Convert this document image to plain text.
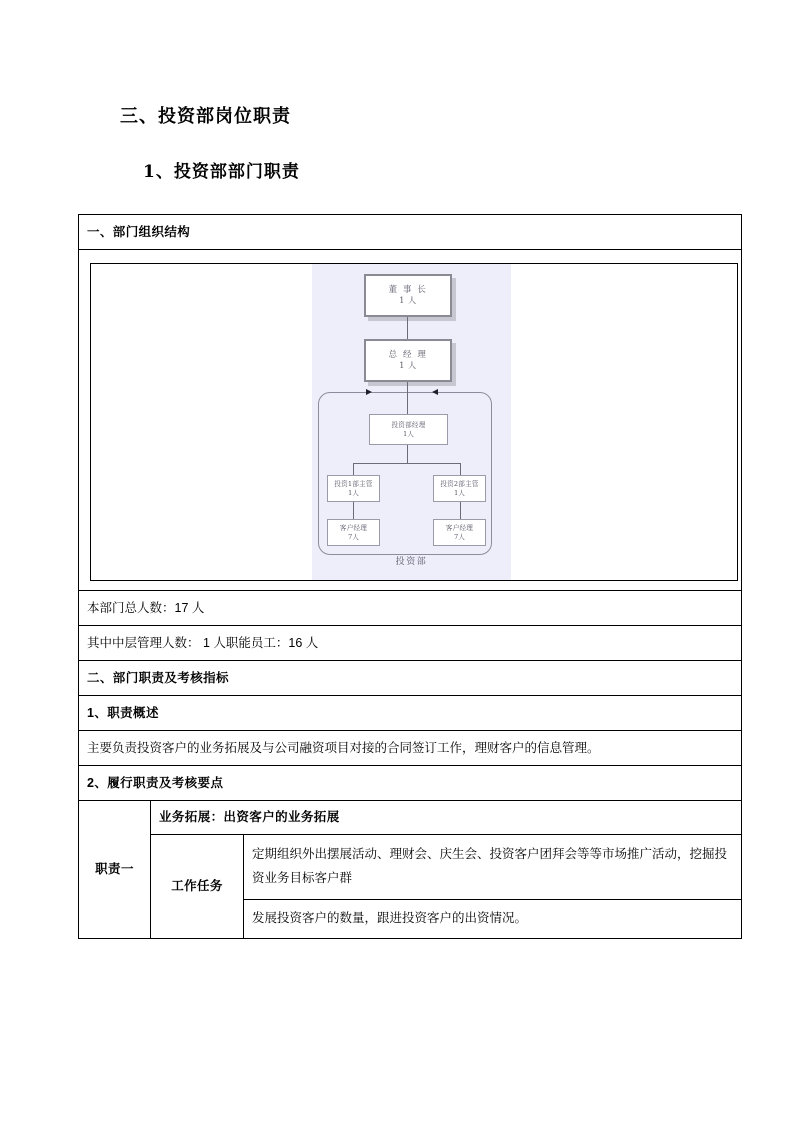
三、投资部岗位职责
1、投资部部门职责
一、部门组织结构		

董 事 长
1 人
总 经 理
1 人
投资部经理
1人
投资1部主管
1人
投资2部主管
1人
客户经理
7人
客户经理
7人
投资部

本部门总人数：17 人		
其中中层管理人数： 1 人职能员工：16 人		
二、部门职责及考核指标		
1、职责概述		
主要负责投资客户的业务拓展及与公司融资项目对接的合同签订工作，理财客户的信息管理。		
2、履行职责及考核要点		
职责一	业务拓展：出资客户的业务拓展	
	工作任务	定期组织外出摆展活动、理财会、庆生会、投资客户团拜会等等市场推广活动，挖掘投资业务目标客户群
		发展投资客户的数量，跟进投资客户的出资情况。
